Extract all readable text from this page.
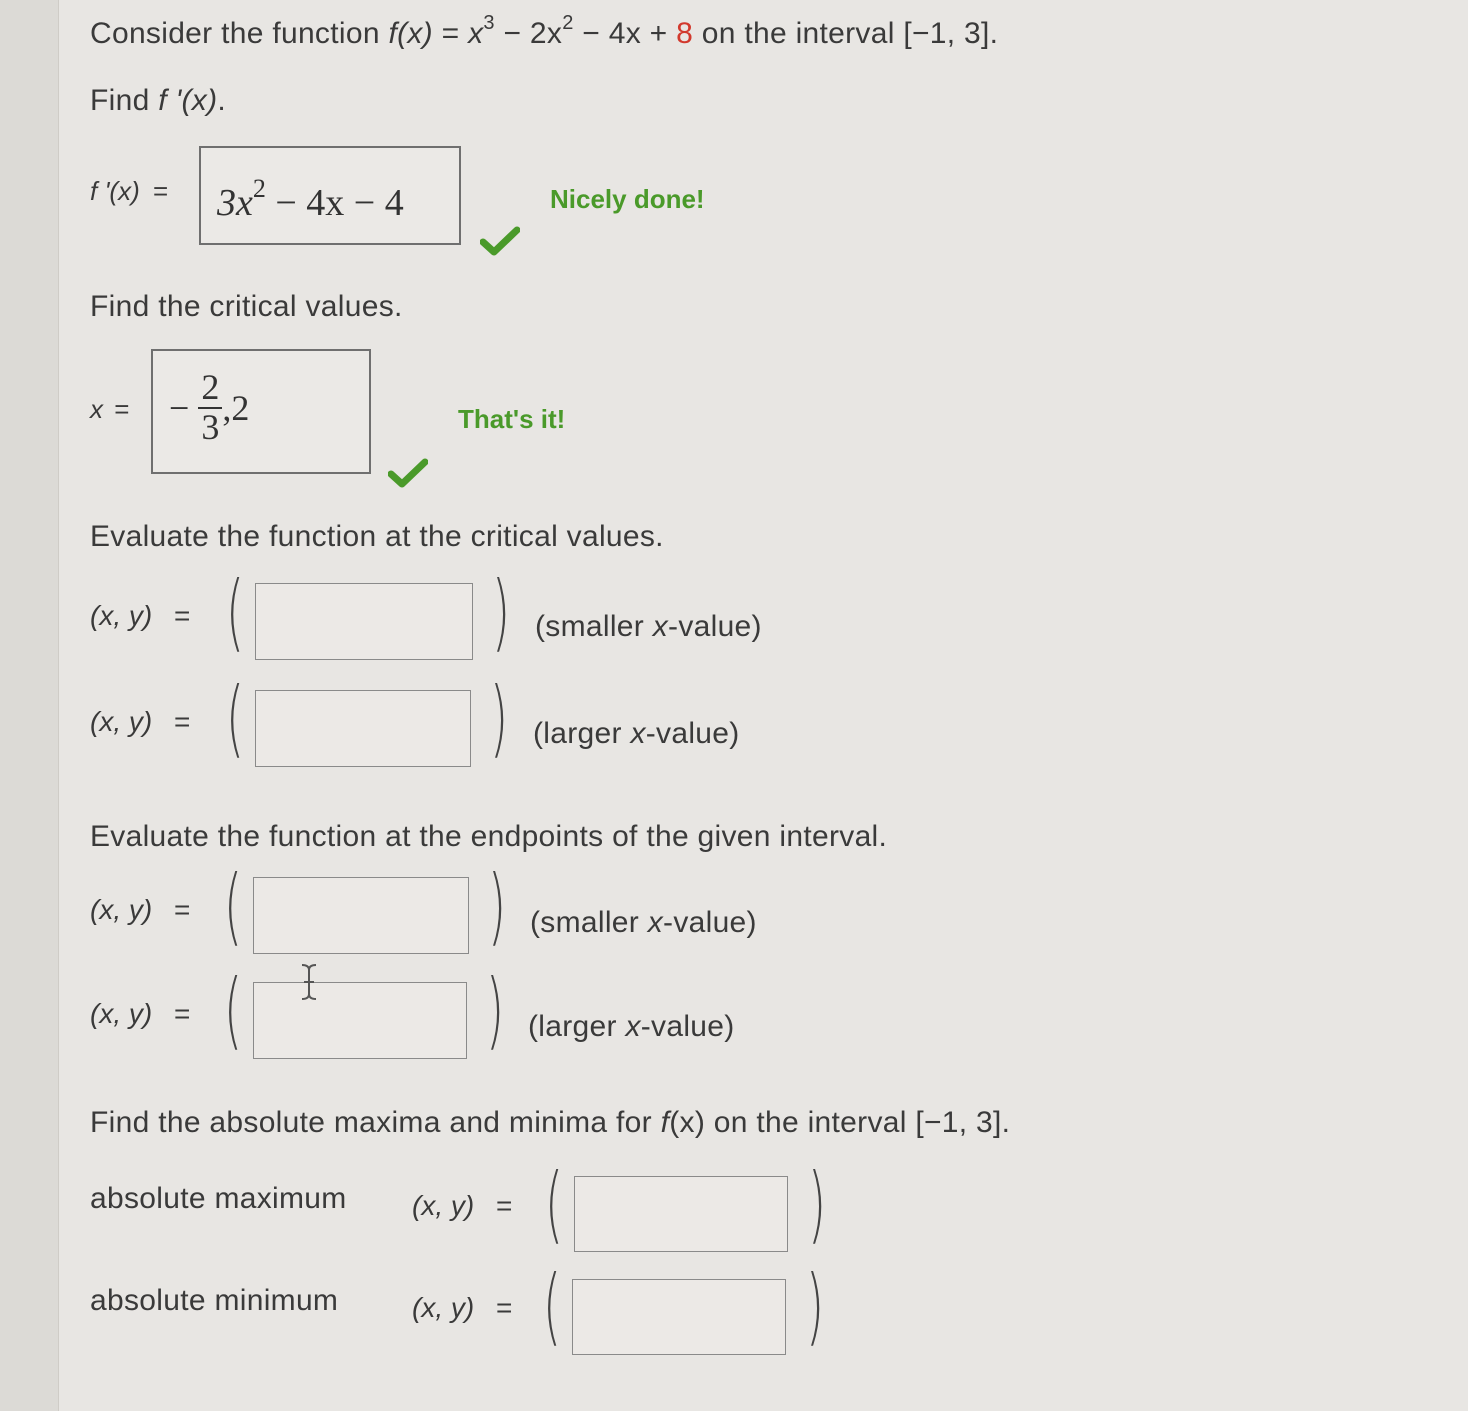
Consider the function $f(x) = x^3 - 2x^2 - 4x + 8$ on the interval [−1, 3].
Find f '(x).
f '$(x) = 3x^2 - 4x - 4$	Nicely done!
Find the critical values.
x = − $\frac{2}{3} ,2$	That's it!
Evaluate the function at the critical values.
(x, y) = (	) (smaller x-value)
(x, y) = (	) (larger x-value)
Evaluate the function at the endpoints of the given interval.
(x, y) = (	) (smaller x-value)
(x, y) = (	) (larger x-value)
Find the absolute maxima and minima for f(x) on the interval [−1, 3].
absolute maximum (x, y) = (	)
absolute minimum	(x, y) = (	)
